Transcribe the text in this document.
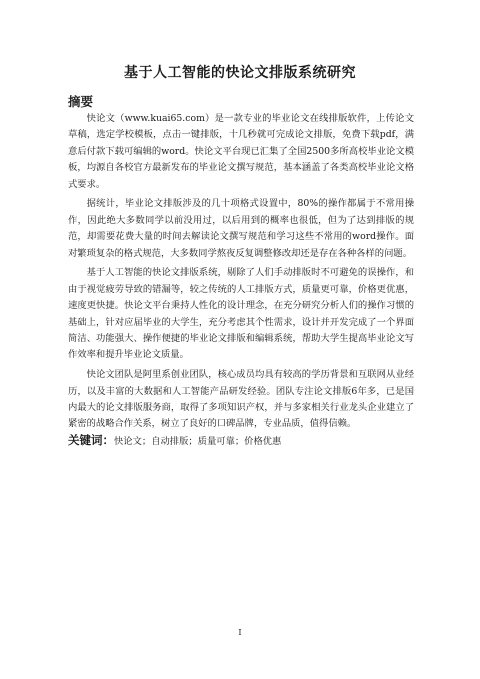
基于人工智能的快论文排版系统研究
摘要

快论文（www.kuai65.com）是一款专业的毕业论文在线排版软件，上传论文草稿，选定学校模板，点击一键排版，十几秒就可完成论文排版，免费下载pdf，满意后付款下载可编辑的word。快论文平台现已汇集了全国2500多所高校毕业论文模板，均源自各校官方最新发布的毕业论文撰写规范，基本涵盖了各类高校毕业论文格式要求。

据统计，毕业论文排版涉及的几十项格式设置中，80%的操作都属于不常用操作，因此绝大多数同学以前没用过，以后用到的概率也很低，但为了达到排版的规范，却需要花费大量的时间去解读论文撰写规范和学习这些不常用的word操作。面对繁琐复杂的格式规范，大多数同学熬夜反复调整修改却还是存在各种各样的问题。

基于人工智能的快论文排版系统，剔除了人们手动排版时不可避免的误操作，和由于视觉疲劳导致的错漏等，较之传统的人工排版方式，质量更可靠，价格更优惠，速度更快捷。快论文平台秉持人性化的设计理念，在充分研究分析人们的操作习惯的基础上，针对应届毕业的大学生，充分考虑其个性需求，设计并开发完成了一个界面简洁、功能强大、操作便捷的毕业论文排版和编辑系统，帮助大学生提高毕业论文写作效率和提升毕业论文质量。

快论文团队是阿里系创业团队，核心成员均具有较高的学历背景和互联网从业经历，以及丰富的大数据和人工智能产品研发经验。团队专注论文排版6年多，已是国内最大的论文排版服务商，取得了多项知识产权，并与多家相关行业龙头企业建立了紧密的战略合作关系，树立了良好的口碑品牌，专业品质，值得信赖。

关键词：快论文；自动排版；质量可靠；价格优惠
I
